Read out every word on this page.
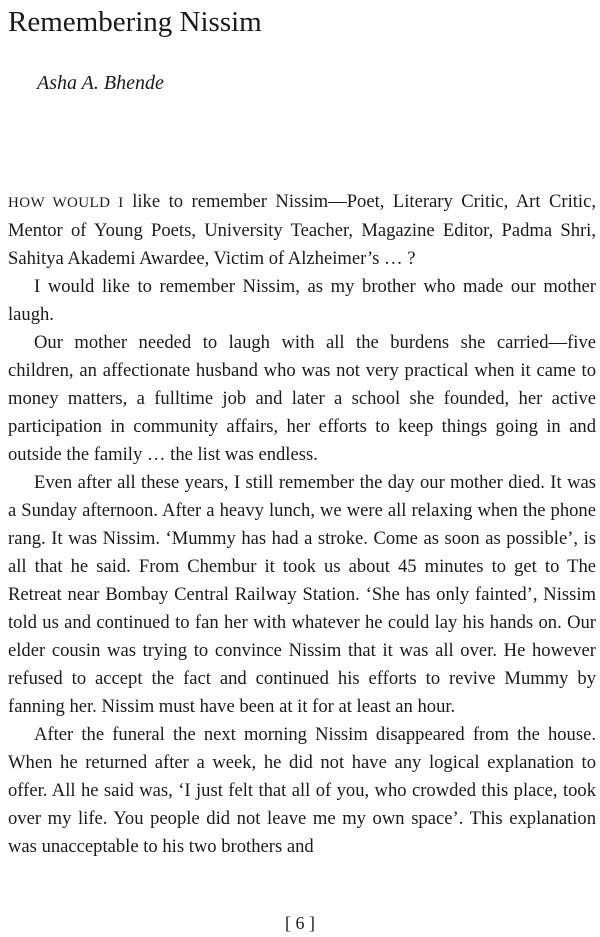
Remembering Nissim
Asha A. Bhende

HOW WOULD I like to remember Nissim—Poet, Literary Critic, Art Critic, Mentor of Young Poets, University Teacher, Magazine Editor, Padma Shri, Sahitya Akademi Awardee, Victim of Alzheimer’s … ?

I would like to remember Nissim, as my brother who made our mother laugh.

Our mother needed to laugh with all the burdens she carried—five children, an affectionate husband who was not very practical when it came to money matters, a fulltime job and later a school she founded, her active participation in community affairs, her efforts to keep things going in and outside the family … the list was endless.

Even after all these years, I still remember the day our mother died. It was a Sunday afternoon. After a heavy lunch, we were all relaxing when the phone rang. It was Nissim. ‘Mummy has had a stroke. Come as soon as possible’, is all that he said. From Chembur it took us about 45 minutes to get to The Retreat near Bombay Central Railway Station. ‘She has only fainted’, Nissim told us and continued to fan her with whatever he could lay his hands on. Our elder cousin was trying to convince Nissim that it was all over. He however refused to accept the fact and continued his efforts to revive Mummy by fanning her. Nissim must have been at it for at least an hour.

After the funeral the next morning Nissim disappeared from the house. When he returned after a week, he did not have any logical explanation to offer. All he said was, ‘I just felt that all of you, who crowded this place, took over my life. You people did not leave me my own space’. This explanation was unacceptable to his two brothers and

[ 6 ]
